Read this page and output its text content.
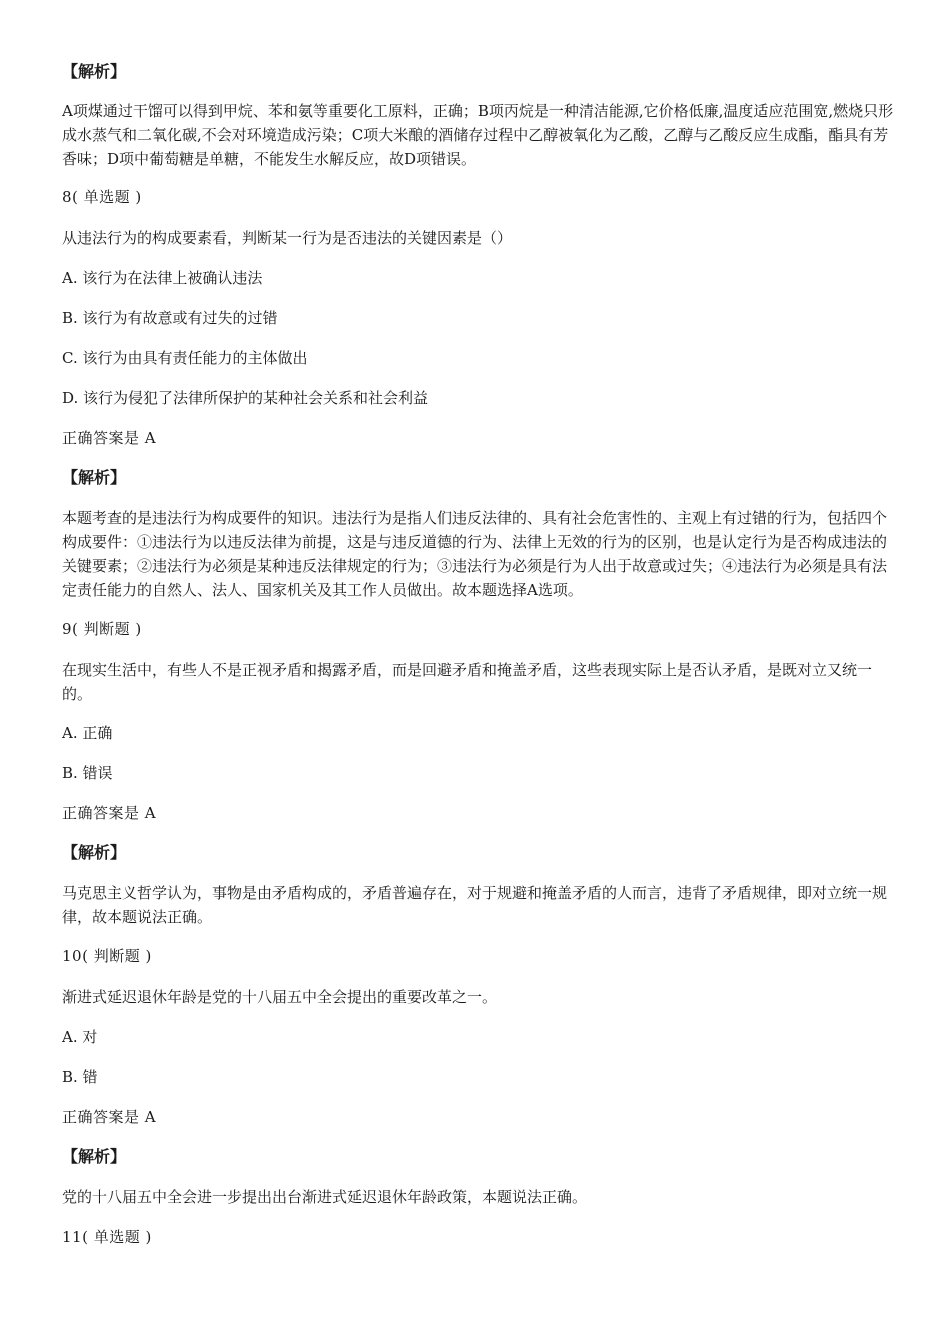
【解析】

A项煤通过干馏可以得到甲烷、苯和氨等重要化工原料，正确；B项丙烷是一种清洁能源,它价格低廉,温度适应范围宽,燃烧只形成水蒸气和二氧化碳,不会对环境造成污染；C项大米酿的酒储存过程中乙醇被氧化为乙酸，乙醇与乙酸反应生成酯，酯具有芳香味；D项中葡萄糖是单糖，不能发生水解反应，故D项错误。

8( 单选题 )

从违法行为的构成要素看，判断某一行为是否违法的关键因素是（）

A. 该行为在法律上被确认违法

B. 该行为有故意或有过失的过错

C. 该行为由具有责任能力的主体做出

D. 该行为侵犯了法律所保护的某种社会关系和社会利益

正确答案是 A

【解析】

本题考查的是违法行为构成要件的知识。违法行为是指人们违反法律的、具有社会危害性的、主观上有过错的行为，包括四个构成要件：①违法行为以违反法律为前提，这是与违反道德的行为、法律上无效的行为的区别，也是认定行为是否构成违法的关键要素；②违法行为必须是某种违反法律规定的行为；③违法行为必须是行为人出于故意或过失；④违法行为必须是具有法定责任能力的自然人、法人、国家机关及其工作人员做出。故本题选择A选项。

9( 判断题 )

在现实生活中，有些人不是正视矛盾和揭露矛盾，而是回避矛盾和掩盖矛盾，这些表现实际上是否认矛盾，是既对立又统一的。

A. 正确

B. 错误

正确答案是 A

【解析】

马克思主义哲学认为，事物是由矛盾构成的，矛盾普遍存在，对于规避和掩盖矛盾的人而言，违背了矛盾规律，即对立统一规律，故本题说法正确。

10( 判断题 )

渐进式延迟退休年龄是党的十八届五中全会提出的重要改革之一。

A. 对

B. 错

正确答案是 A

【解析】

党的十八届五中全会进一步提出出台渐进式延迟退休年龄政策，本题说法正确。

11( 单选题 )
